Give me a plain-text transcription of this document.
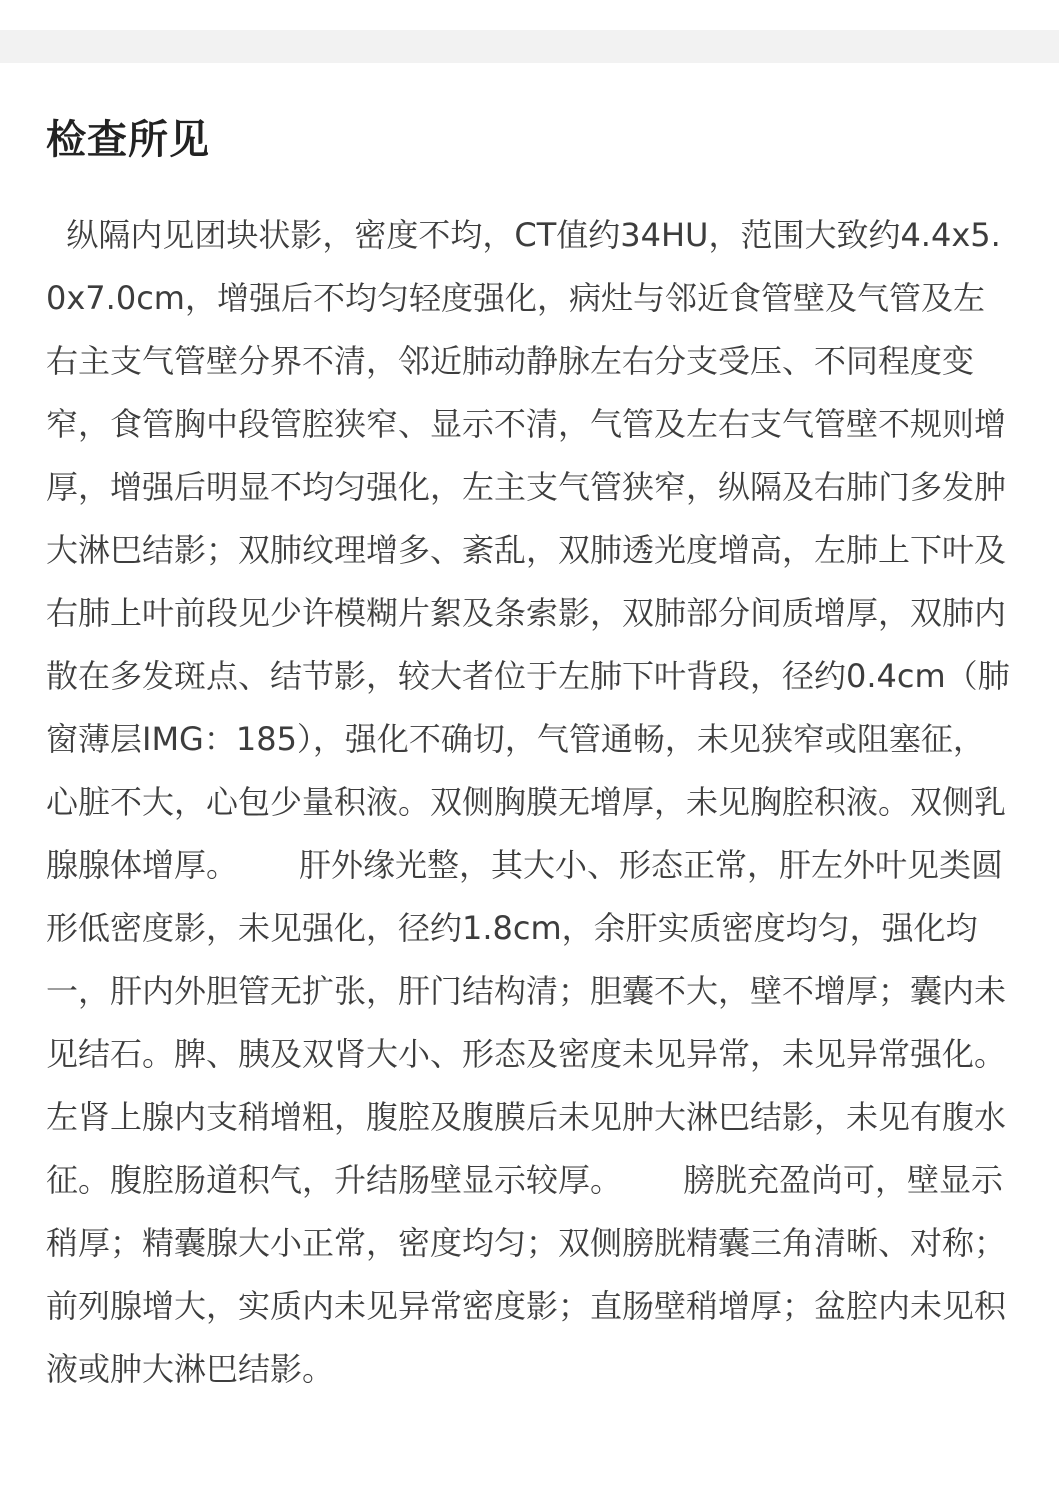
检查所见

纵隔内见团块状影，密度不均，CT值约34HU，范围大致约4.4x5.0x7.0cm，增强后不均匀轻度强化，病灶与邻近食管壁及气管及左右主支气管壁分界不清，邻近肺动静脉左右分支受压、不同程度变窄，食管胸中段管腔狭窄、显示不清，气管及左右支气管壁不规则增厚，增强后明显不均匀强化，左主支气管狭窄，纵隔及右肺门多发肿大淋巴结影；双肺纹理增多、紊乱，双肺透光度增高，左肺上下叶及右肺上叶前段见少许模糊片絮及条索影，双肺部分间质增厚，双肺内散在多发斑点、结节影，较大者位于左肺下叶背段，径约0.4cm（肺窗薄层IMG：185），强化不确切，气管通畅，未见狭窄或阻塞征，心脏不大，心包少量积液。双侧胸膜无增厚，未见胸腔积液。双侧乳腺腺体增厚。      肝外缘光整，其大小、形态正常，肝左外叶见类圆形低密度影，未见强化，径约1.8cm，余肝实质密度均匀，强化均一，肝内外胆管无扩张，肝门结构清；胆囊不大，壁不增厚；囊内未见结石。脾、胰及双肾大小、形态及密度未见异常，未见异常强化。左肾上腺内支稍增粗，腹腔及腹膜后未见肿大淋巴结影，未见有腹水征。腹腔肠道积气，升结肠壁显示较厚。      膀胱充盈尚可，壁显示稍厚；精囊腺大小正常，密度均匀；双侧膀胱精囊三角清晰、对称；前列腺增大，实质内未见异常密度影；直肠壁稍增厚；盆腔内未见积液或肿大淋巴结影。
